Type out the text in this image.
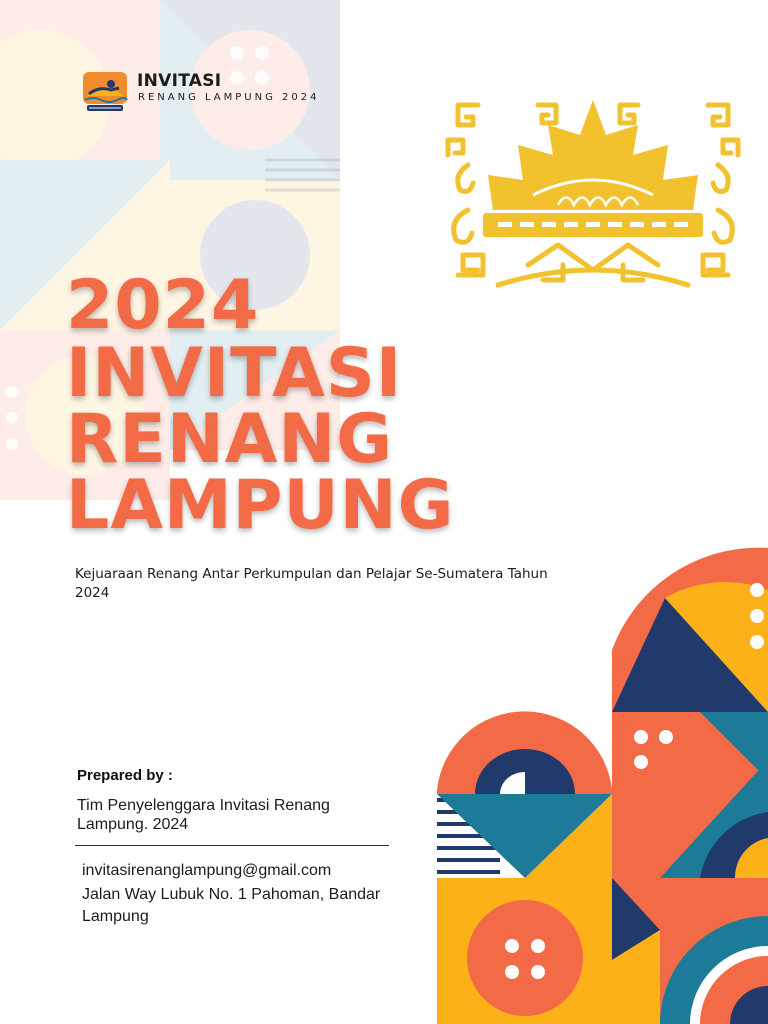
INVITASI
RENANG LAMPUNG 2024
2024
INVITASI
RENANG
LAMPUNG
Kejuaraan Renang Antar Perkumpulan dan Pelajar Se-Sumatera Tahun 2024
Prepared by :
Tim Penyelenggara Invitasi Renang Lampung. 2024
invitasirenanglampung@gmail.com
Jalan Way Lubuk No. 1 Pahoman, Bandar Lampung
